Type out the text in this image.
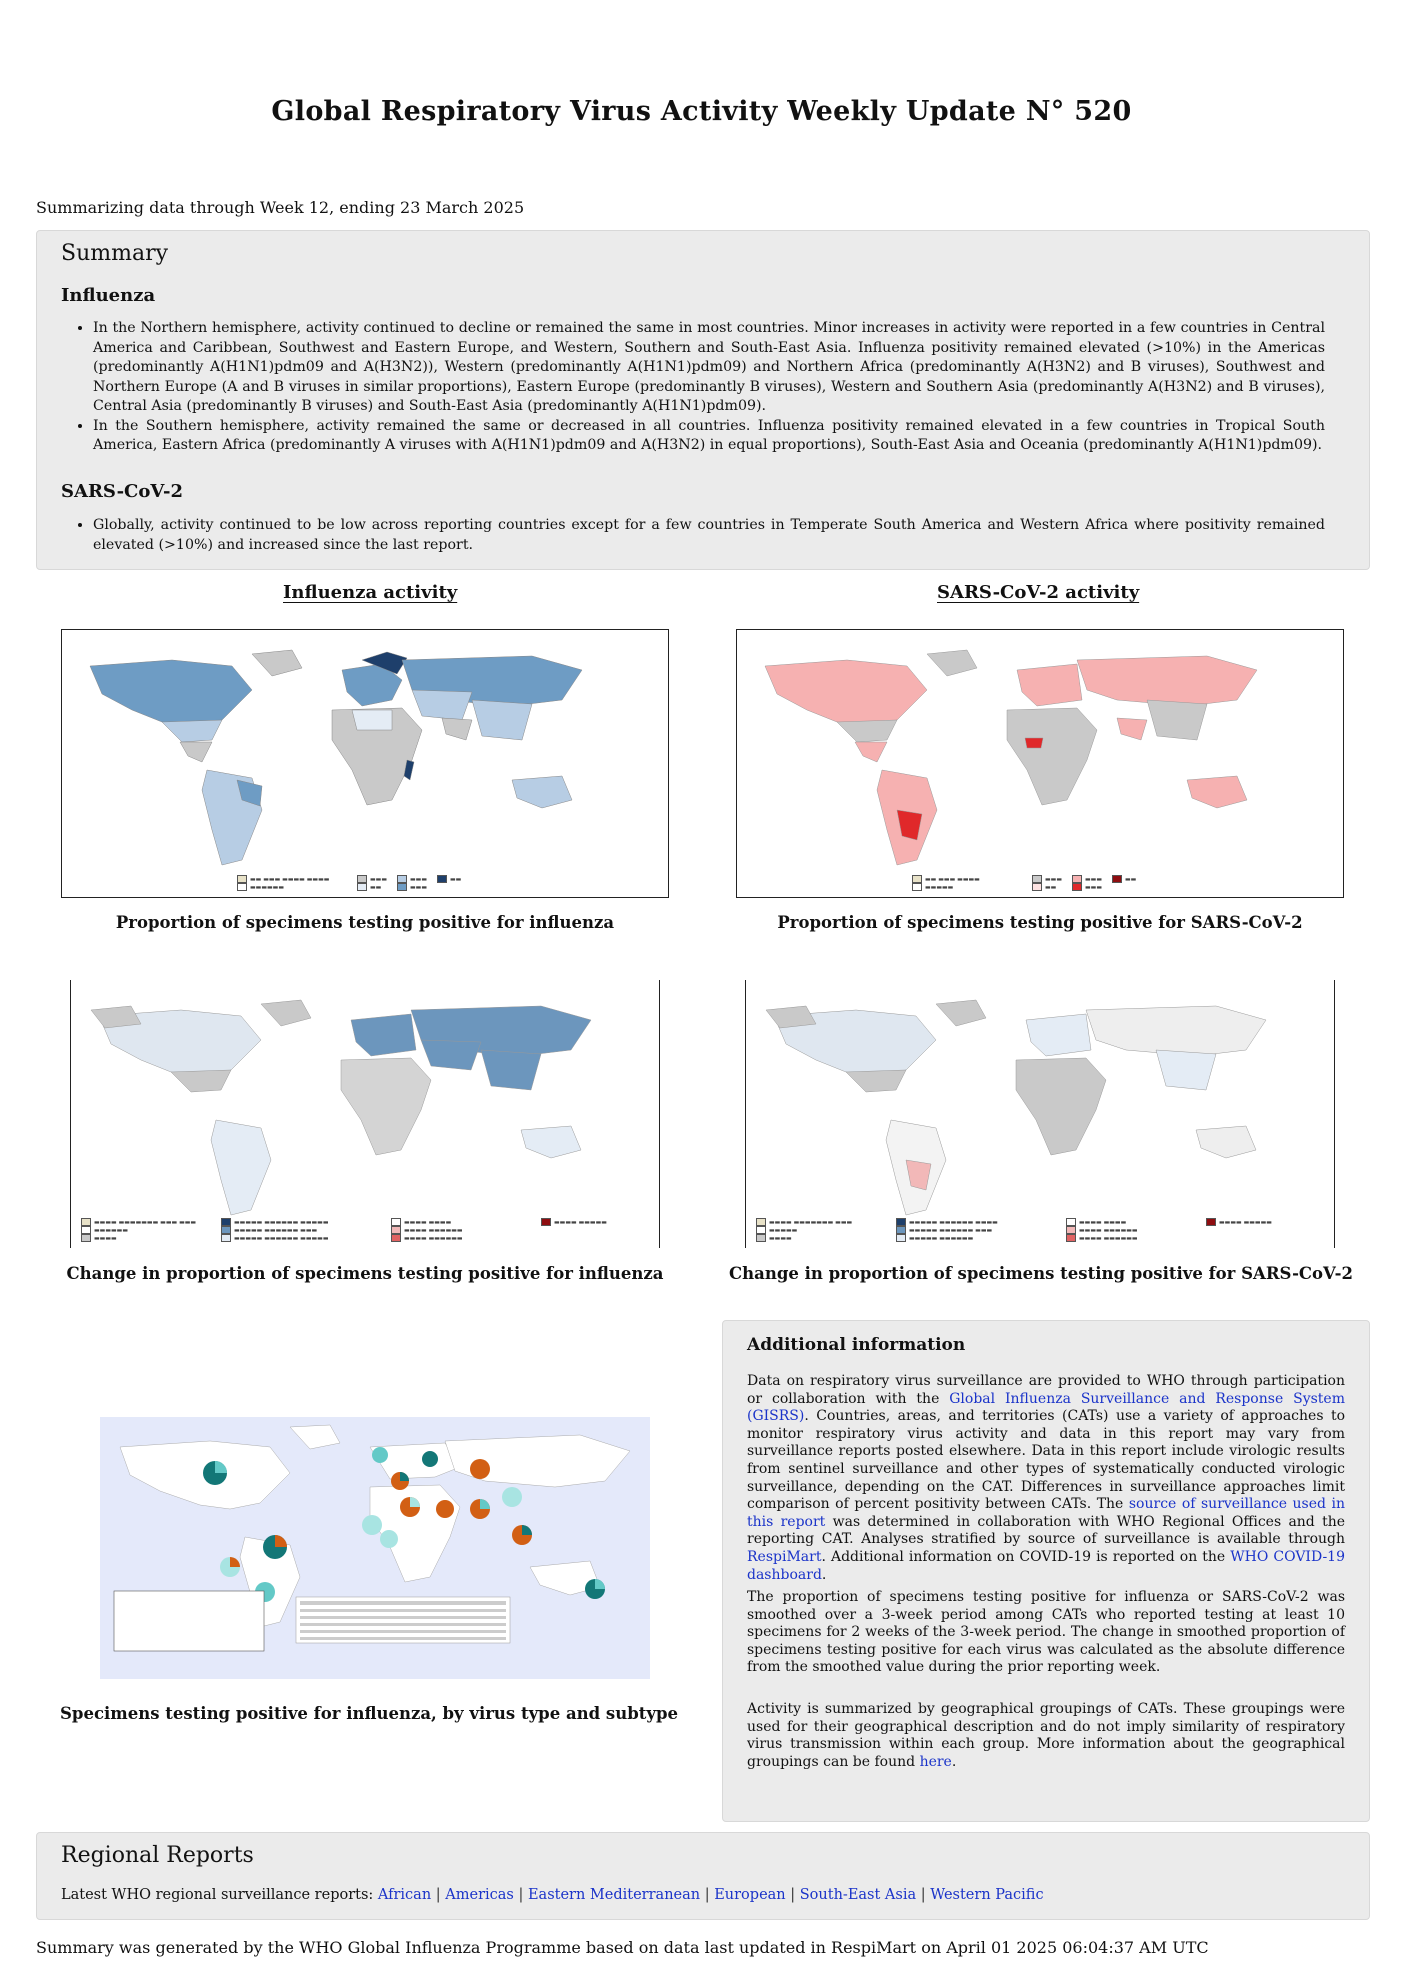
Global Respiratory Virus Activity Weekly Update N° 520
Summarizing data through Week 12, ending 23 March 2025
Summary
Influenza
• In the Northern hemisphere, activity continued to decline or remained the same in most countries. Minor increases in activity were reported in a few countries in Central America and Caribbean, Southwest and Eastern Europe, and Western, Southern and South-East Asia. Influenza positivity remained elevated (>10%) in the Americas (predominantly A(H1N1)pdm09 and A(H3N2)), Western (predominantly A(H1N1)pdm09) and Northern Africa (predominantly A(H3N2) and B viruses), Southwest and Northern Europe (A and B viruses in similar proportions), Eastern Europe (predominantly B viruses), Western and Southern Asia (predominantly A(H3N2) and B viruses), Central Asia (predominantly B viruses) and South-East Asia (predominantly A(H1N1)pdm09).
• In the Southern hemisphere, activity remained the same or decreased in all countries. Influenza positivity remained elevated in a few countries in Tropical South America, Eastern Africa (predominantly A viruses with A(H1N1)pdm09 and A(H3N2) in equal proportions), South-East Asia and Oceania (predominantly A(H1N1)pdm09).
SARS-CoV-2
• Globally, activity continued to be low across reporting countries except for a few countries in Temperate South America and Western Africa where positivity remained elevated (>10%) and increased since the last report.
Influenza activity	SARS-CoV-2 activity
▬▬ ▬▬▬ ▬▬▬▬ ▬▬▬▬
▬▬▬▬▬▬
▬▬▬
▬▬
▬▬▬
▬▬▬
▬▬	▬▬ ▬▬▬ ▬▬▬▬
▬▬▬▬▬
▬▬▬
▬▬
▬▬▬
▬▬▬
▬▬
Proportion of specimens testing positive for influenza	Proportion of specimens testing positive for SARS-CoV-2
▬▬▬▬ ▬▬▬▬▬▬▬ ▬▬▬ ▬▬▬
▬▬▬▬▬▬
▬▬▬▬
▬▬▬▬▬ ▬▬▬▬▬▬ ▬▬▬▬▬
▬▬▬▬▬ ▬▬▬▬▬▬ ▬▬▬
▬▬▬▬▬ ▬▬▬▬▬▬ ▬▬▬▬▬
▬▬▬▬ ▬▬▬▬
▬▬▬▬ ▬▬▬▬▬▬
▬▬▬▬ ▬▬▬▬▬▬
▬▬▬▬ ▬▬▬▬▬	▬▬▬▬ ▬▬▬▬▬▬▬ ▬▬▬
▬▬▬▬▬
▬▬▬▬
▬▬▬▬▬ ▬▬▬▬▬▬ ▬▬▬▬
▬▬▬▬▬ ▬▬▬▬▬▬ ▬▬▬
▬▬▬▬▬ ▬▬▬▬▬▬
▬▬▬▬ ▬▬▬▬
▬▬▬▬ ▬▬▬▬▬▬
▬▬▬▬ ▬▬▬▬▬▬
▬▬▬▬ ▬▬▬▬▬
Change in proportion of specimens testing positive for influenza	Change in proportion of specimens testing positive for SARS-CoV-2
Specimens testing positive for influenza, by virus type and subtype
Additional information

Data on respiratory virus surveillance are provided to WHO through participation or collaboration with the Global Influenza Surveillance and Response System (GISRS). Countries, areas, and territories (CATs) use a variety of approaches to monitor respiratory virus activity and data in this report may vary from surveillance reports posted elsewhere. Data in this report include virologic results from sentinel surveillance and other types of systematically conducted virologic surveillance, depending on the CAT. Differences in surveillance approaches limit comparison of percent positivity between CATs. The source of surveillance used in this report was determined in collaboration with WHO Regional Offices and the reporting CAT. Analyses stratified by source of surveillance is available through RespiMart. Additional information on COVID-19 is reported on the WHO COVID-19 dashboard.

The proportion of specimens testing positive for influenza or SARS-CoV-2 was smoothed over a 3-week period among CATs who reported testing at least 10 specimens for 2 weeks of the 3-week period. The change in smoothed proportion of specimens testing positive for each virus was calculated as the absolute difference from the smoothed value during the prior reporting week.

Activity is summarized by geographical groupings of CATs. These groupings were used for their geographical description and do not imply similarity of respiratory virus transmission within each group. More information about the geographical groupings can be found here.

Regional Reports
Latest WHO regional surveillance reports: African | Americas | Eastern Mediterranean | European | South-East Asia | Western Pacific
Summary was generated by the WHO Global Influenza Programme based on data last updated in RespiMart on April 01 2025 06:04:37 AM UTC
